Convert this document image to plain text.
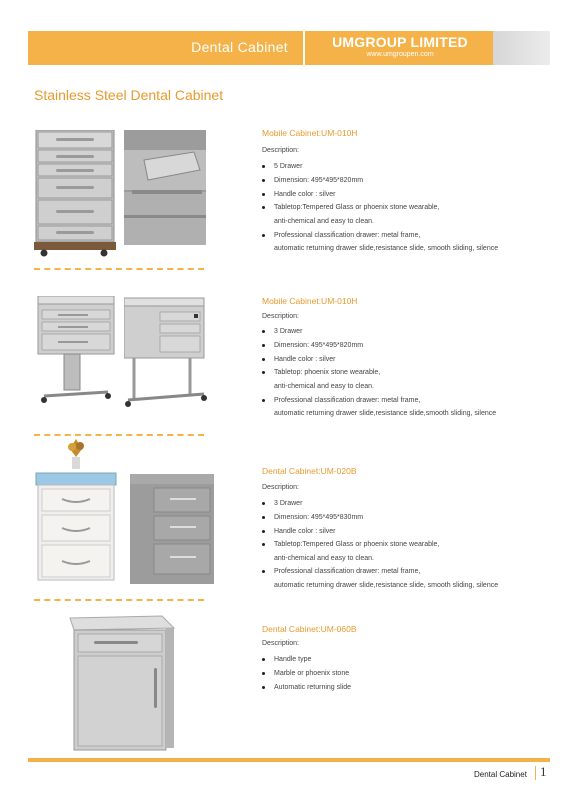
Dental Cabinet	UMGROUP LIMITED
www.umgroupen.com
Stainless Steel Dental Cabinet
Mobile Cabinet:UM-010H
Description:
5 Drawer
Dimension: 495*495*820mm
Handle color : silver
Tabletop:Tempered Glass or phoenix stone wearable,
anti-chemical and easy to clean.
Professional classification drawer: metal frame,
automatic returning drawer slide,resistance slide, smooth sliding, silence
Mobile Cabinet:UM-010H
Description:
3 Drawer
Dimension: 495*495*820mm
Handle color : silver
Tabletop: phoenix stone wearable,
anti-chemical and easy to clean.
Professional classification drawer: metal frame,
automatic returning drawer slide,resistance slide,smooth sliding, silence
Dental Cabinet:UM-020B
Description:
3 Drawer
Dimension: 495*495*830mm
Handle color : silver
Tabletop:Tempered Glass or phoenix stone wearable,
anti-chemical and easy to clean.
Professional classification drawer: metal frame,
automatic returning drawer slide,resistance slide, smooth sliding, silence
Dental Cabinet:UM-060B
Description:
Handle type
Marble or phoenix stone
Automatic returning slide
Dental Cabinet 1
